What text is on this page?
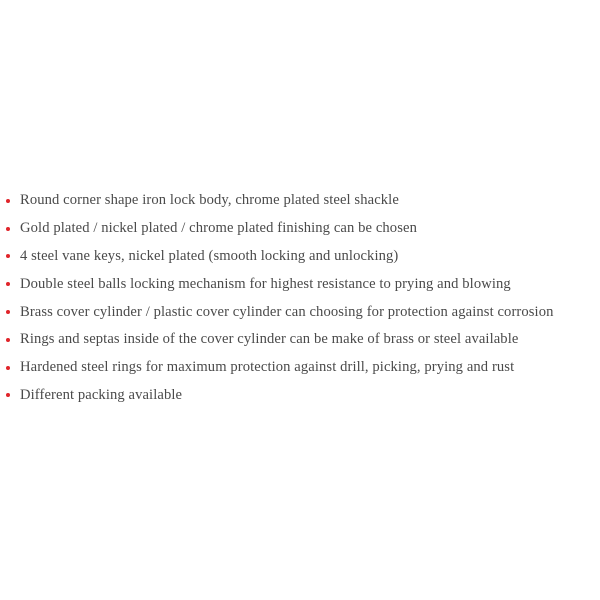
Round corner shape iron lock body, chrome plated steel shackle
Gold plated / nickel plated / chrome plated finishing can be chosen
4 steel vane keys, nickel plated (smooth locking and unlocking)
Double steel balls locking mechanism for highest resistance to prying and blowing
Brass cover cylinder / plastic cover cylinder can choosing for protection against corrosion
Rings and septas inside of the cover cylinder can be make of brass or steel available
Hardened steel rings for maximum protection against drill, picking, prying and rust
Different packing available
